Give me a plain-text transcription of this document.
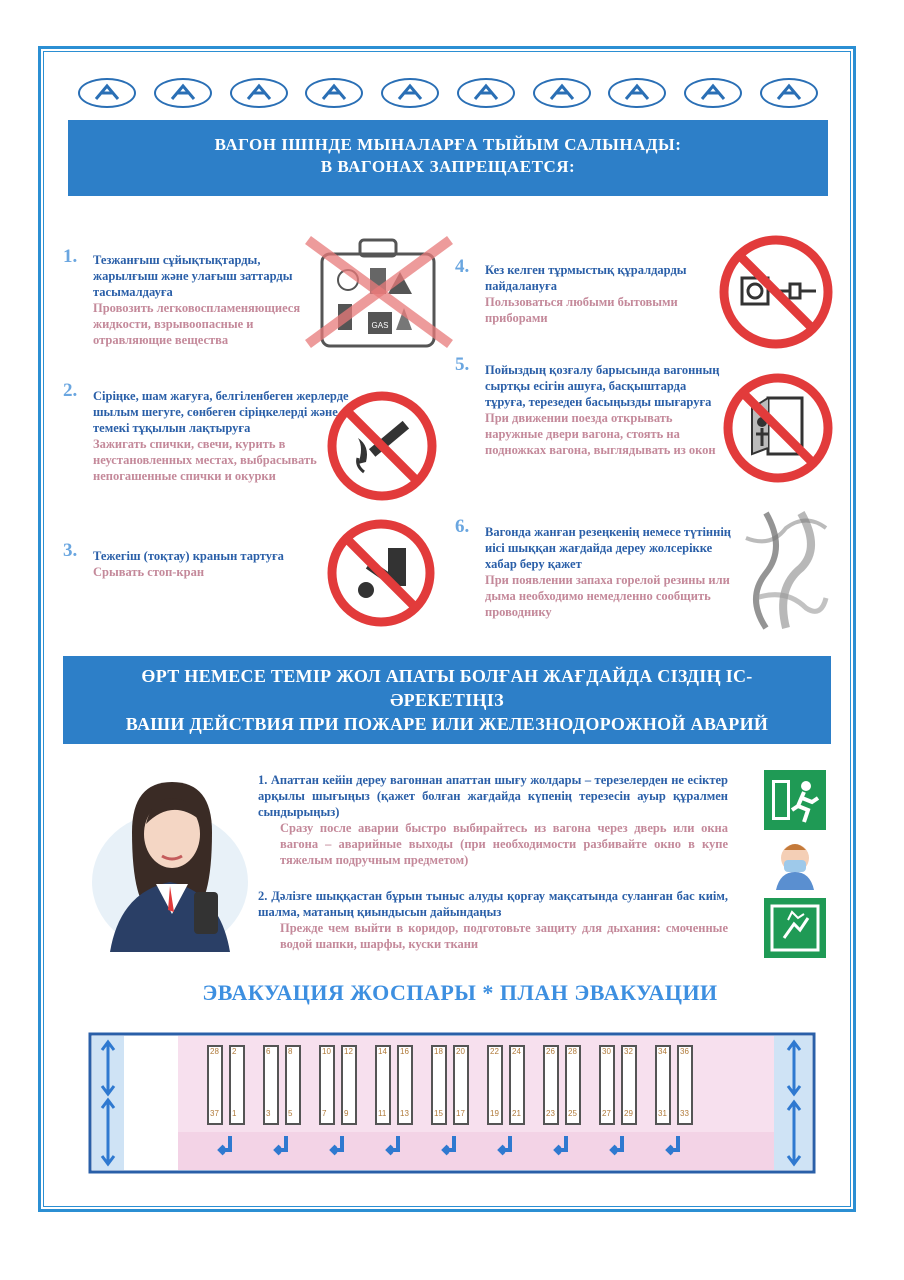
ВАГОН ІШІНДЕ МЫНАЛАРҒА ТЫЙЫМ САЛЫНАДЫ:
В ВАГОНАХ ЗАПРЕЩАЕТСЯ:
1. Тезжанғыш сұйықтықтарды, жарылғыш және улағыш заттарды тасымалдауға
Провозить легковоспламеняющиеся жидкости, взрывоопасные и отравляющие вещества
GAS
2. Сіріңке, шам жағуға, белгіленбеген жерлерде шылым шегуге, сөнбеген сіріңкелерді және темекі тұқылын лақтыруға
Зажигать спички, свечи, курить в неустановленных местах, выбрасывать непогашенные спички и окурки
3. Тежегіш (тоқтау) кранын тартуға
Срывать стоп-кран
4. Кез келген тұрмыстық құралдарды пайдалануға
Пользоваться любыми бытовыми приборами
5. Пойыздың қозғалу барысында вагонның сыртқы есігін ашуға, басқыштарда тұруға, терезеден басыңызды шығаруға
При движении поезда открывать наружные двери вагона, стоять на подножках вагона, выглядывать из окон
6. Вагонда жанған резеңкенің немесе түтіннің иісі шыққан жағдайда дереу жолсерікке хабар беру қажет
При появлении запаха горелой резины или дыма необходимо немедленно сообщить проводнику
ӨРТ НЕМЕСЕ ТЕМІР ЖОЛ АПАТЫ БОЛҒАН ЖАҒДАЙДА СІЗДІҢ ІС-ӘРЕКЕТІҢІЗ
ВАШИ ДЕЙСТВИЯ ПРИ ПОЖАРЕ ИЛИ ЖЕЛЕЗНОДОРОЖНОЙ АВАРИЙ
1. Апаттан кейін дереу вагоннан апаттан шығу жолдары – терезелерден не есіктер арқылы шығыңыз (қажет болған жағдайда күпенің терезесін ауыр құралмен сындырыңыз)
Сразу после аварии быстро выбирайтесь из вагона через дверь или окна вагона – аварийные выходы (при необходимости разбивайте окно в купе тяжелым подручным предметом)
2. Дәлізге шыққастан бұрын тыныс алуды қорғау мақсатында суланған бас киім, шалма, матаның қиындысын дайындаңыз
Прежде чем выйти в коридор, подготовьте защиту для дыхания: смоченные водой шапки, шарфы, куски ткани
ЭВАКУАЦИЯ ЖОСПАРЫ * ПЛАН ЭВАКУАЦИИ
28 2
37 1
6 8
3 5
10 12
7 9
14 16
11 13
18 20
15 17
22 24
19 21
26 28
23 25
30 32
27 29
34 36
31 33
